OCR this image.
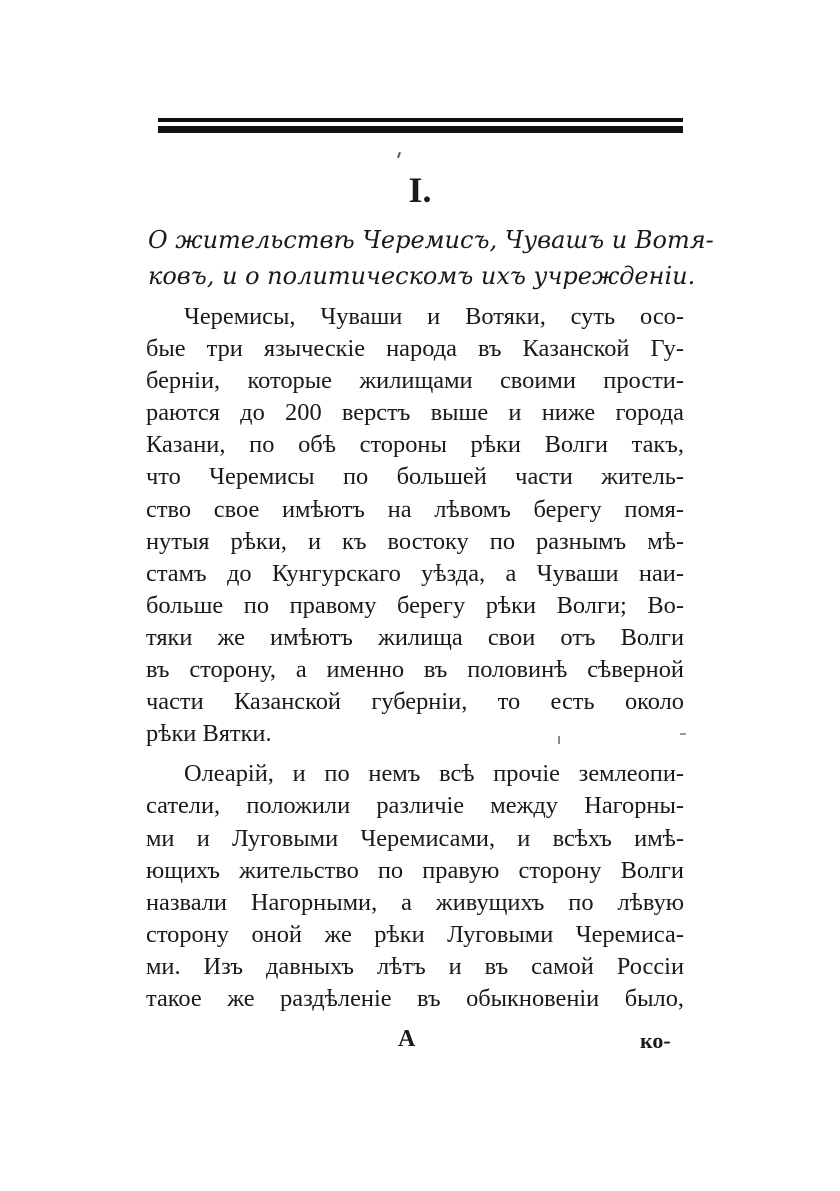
I.
О жительствѣ Черемисъ, Чувашъ и Вотя-
ковъ, и о политическомъ ихъ учрежденіи.
Черемисы, Чуваши и Вотяки, суть осо-
бые три языческіе народа въ Казанской Гу-
берніи, которые жилищами своими прости-
раются до 200 верстъ выше и ниже города
Казани, по обѣ стороны рѣки Волги такъ,
что Черемисы по большей части житель-
ство свое имѣютъ на лѣвомъ берегу помя-
нутыя рѣки, и къ востоку по разнымъ мѣ-
стамъ до Кунгурскаго уѣзда, а Чуваши наи-
больше по правому берегу рѣки Волги; Во-
тяки же имѣютъ жилища свои отъ Волги
въ сторону, а именно въ половинѣ сѣверной
части Казанской губерніи, то есть около
рѣки Вятки.
Олеарій, и по немъ всѣ прочіе землеопи-
сатели, положили различіе между Нагорны-
ми и Луговыми Черемисами, и всѣхъ имѣ-
ющихъ жительство по правую сторону Волги
назвали Нагорными, а живущихъ по лѣвую
сторону оной же рѣки Луговыми Черемиса-
ми. Изъ давныхъ лѣтъ и въ самой Россіи
такое же раздѣленіе въ обыкновеніи было,
А	ко-
